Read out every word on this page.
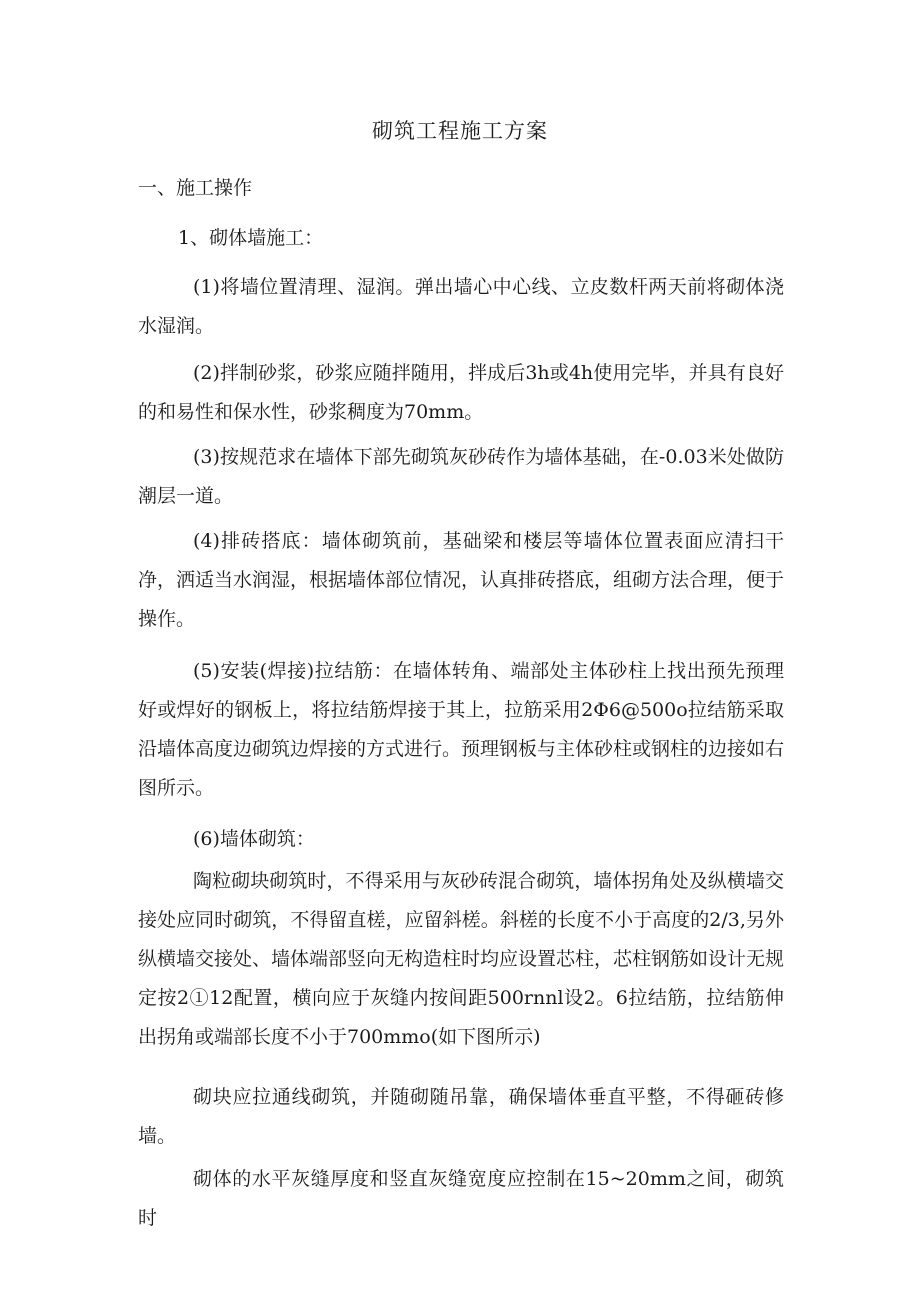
砌筑工程施工方案
一、施工操作
1、砌体墙施工：

(1)将墙位置清理、湿润。弹出墙心中心线、立皮数杆两天前将砌体浇水湿润。

(2)拌制砂浆，砂浆应随拌随用，拌成后3h或4h使用完毕，并具有良好的和易性和保水性，砂浆稠度为70mm。

(3)按规范求在墙体下部先砌筑灰砂砖作为墙体基础，在-0.03米处做防潮层一道。

(4)排砖搭底：墙体砌筑前，基础梁和楼层等墙体位置表面应清扫干净，洒适当水润湿，根据墙体部位情况，认真排砖搭底，组砌方法合理，便于操作。

(5)安装(焊接)拉结筋：在墙体转角、端部处主体砂柱上找出预先预理好或焊好的钢板上，将拉结筋焊接于其上，拉筋采用2Φ6@500o拉结筋采取沿墙体高度边砌筑边焊接的方式进行。预理钢板与主体砂柱或钢柱的边接如右图所示。

(6)墙体砌筑：

陶粒砌块砌筑时，不得采用与灰砂砖混合砌筑，墙体拐角处及纵横墙交接处应同时砌筑，不得留直槎，应留斜槎。斜槎的长度不小于高度的2/3,另外纵横墙交接处、墙体端部竖向无构造柱时均应设置芯柱，芯柱钢筋如设计无规定按2①12配置，横向应于灰缝内按间距500rnnl设2。6拉结筋，拉结筋伸出拐角或端部长度不小于700mmo(如下图所示)

砌块应拉通线砌筑，并随砌随吊靠，确保墙体垂直平整，不得砸砖修墙。

砌体的水平灰缝厚度和竖直灰缝宽度应控制在15~20mm之间，砌筑时
